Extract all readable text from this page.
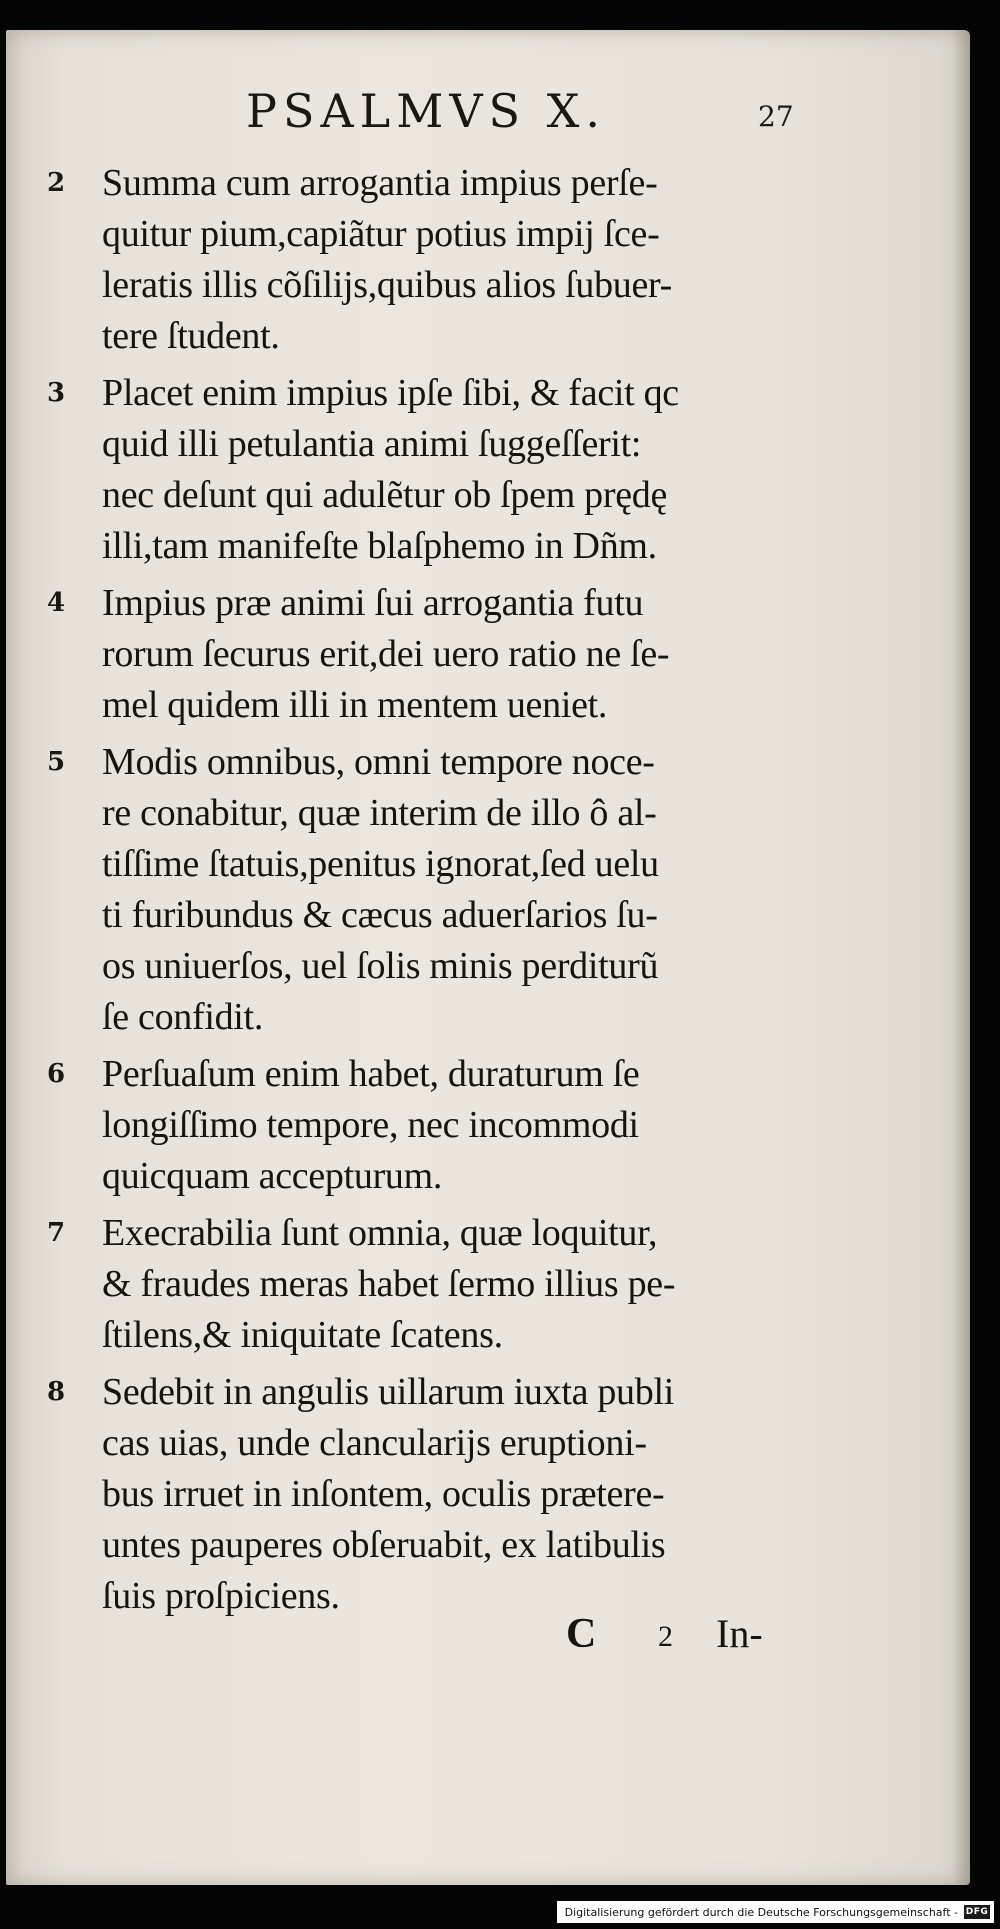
PSALMVS X.	27
2 Summa cum arrogantia impius perſe-
quitur pium,capiãtur potius impij ſce-
leratis illis cõſilijs,quibus alios ſubuer-
tere ſtudent.
3 Placet enim impius ipſe ſibi, & facit qc
quid illi petulantia animi ſuggeſſerit:
nec deſunt qui adulẽtur ob ſpem prędę
illi,tam manifeſte blaſphemo in Dñm.
4 Impius præ animi ſui arrogantia futu
rorum ſecurus erit,dei uero ratio ne ſe-
mel quidem illi in mentem ueniet.
5 Modis omnibus, omni tempore noce-
re conabitur, quæ interim de illo ô al-
tiſſime ſtatuis,penitus ignorat,ſed uelu
ti furibundus & cæcus aduerſarios ſu-
os uniuerſos, uel ſolis minis perditurũ
ſe confidit.
6 Perſuaſum enim habet, duraturum ſe
longiſſimo tempore, nec incommodi
quicquam accepturum.
7 Execrabilia ſunt omnia, quæ loquitur,
& fraudes meras habet ſermo illius pe-
ſtilens,& iniquitate ſcatens.
8 Sedebit in angulis uillarum iuxta publi
cas uias, unde clancularijs eruptioni-
bus irruet in inſontem, oculis prætere-
untes pauperes obſeruabit, ex latibulis
ſuis proſpiciens.
C 2 In-
Digitalisierung gefördert durch die Deutsche Forschungsgemeinschaft - DFG
